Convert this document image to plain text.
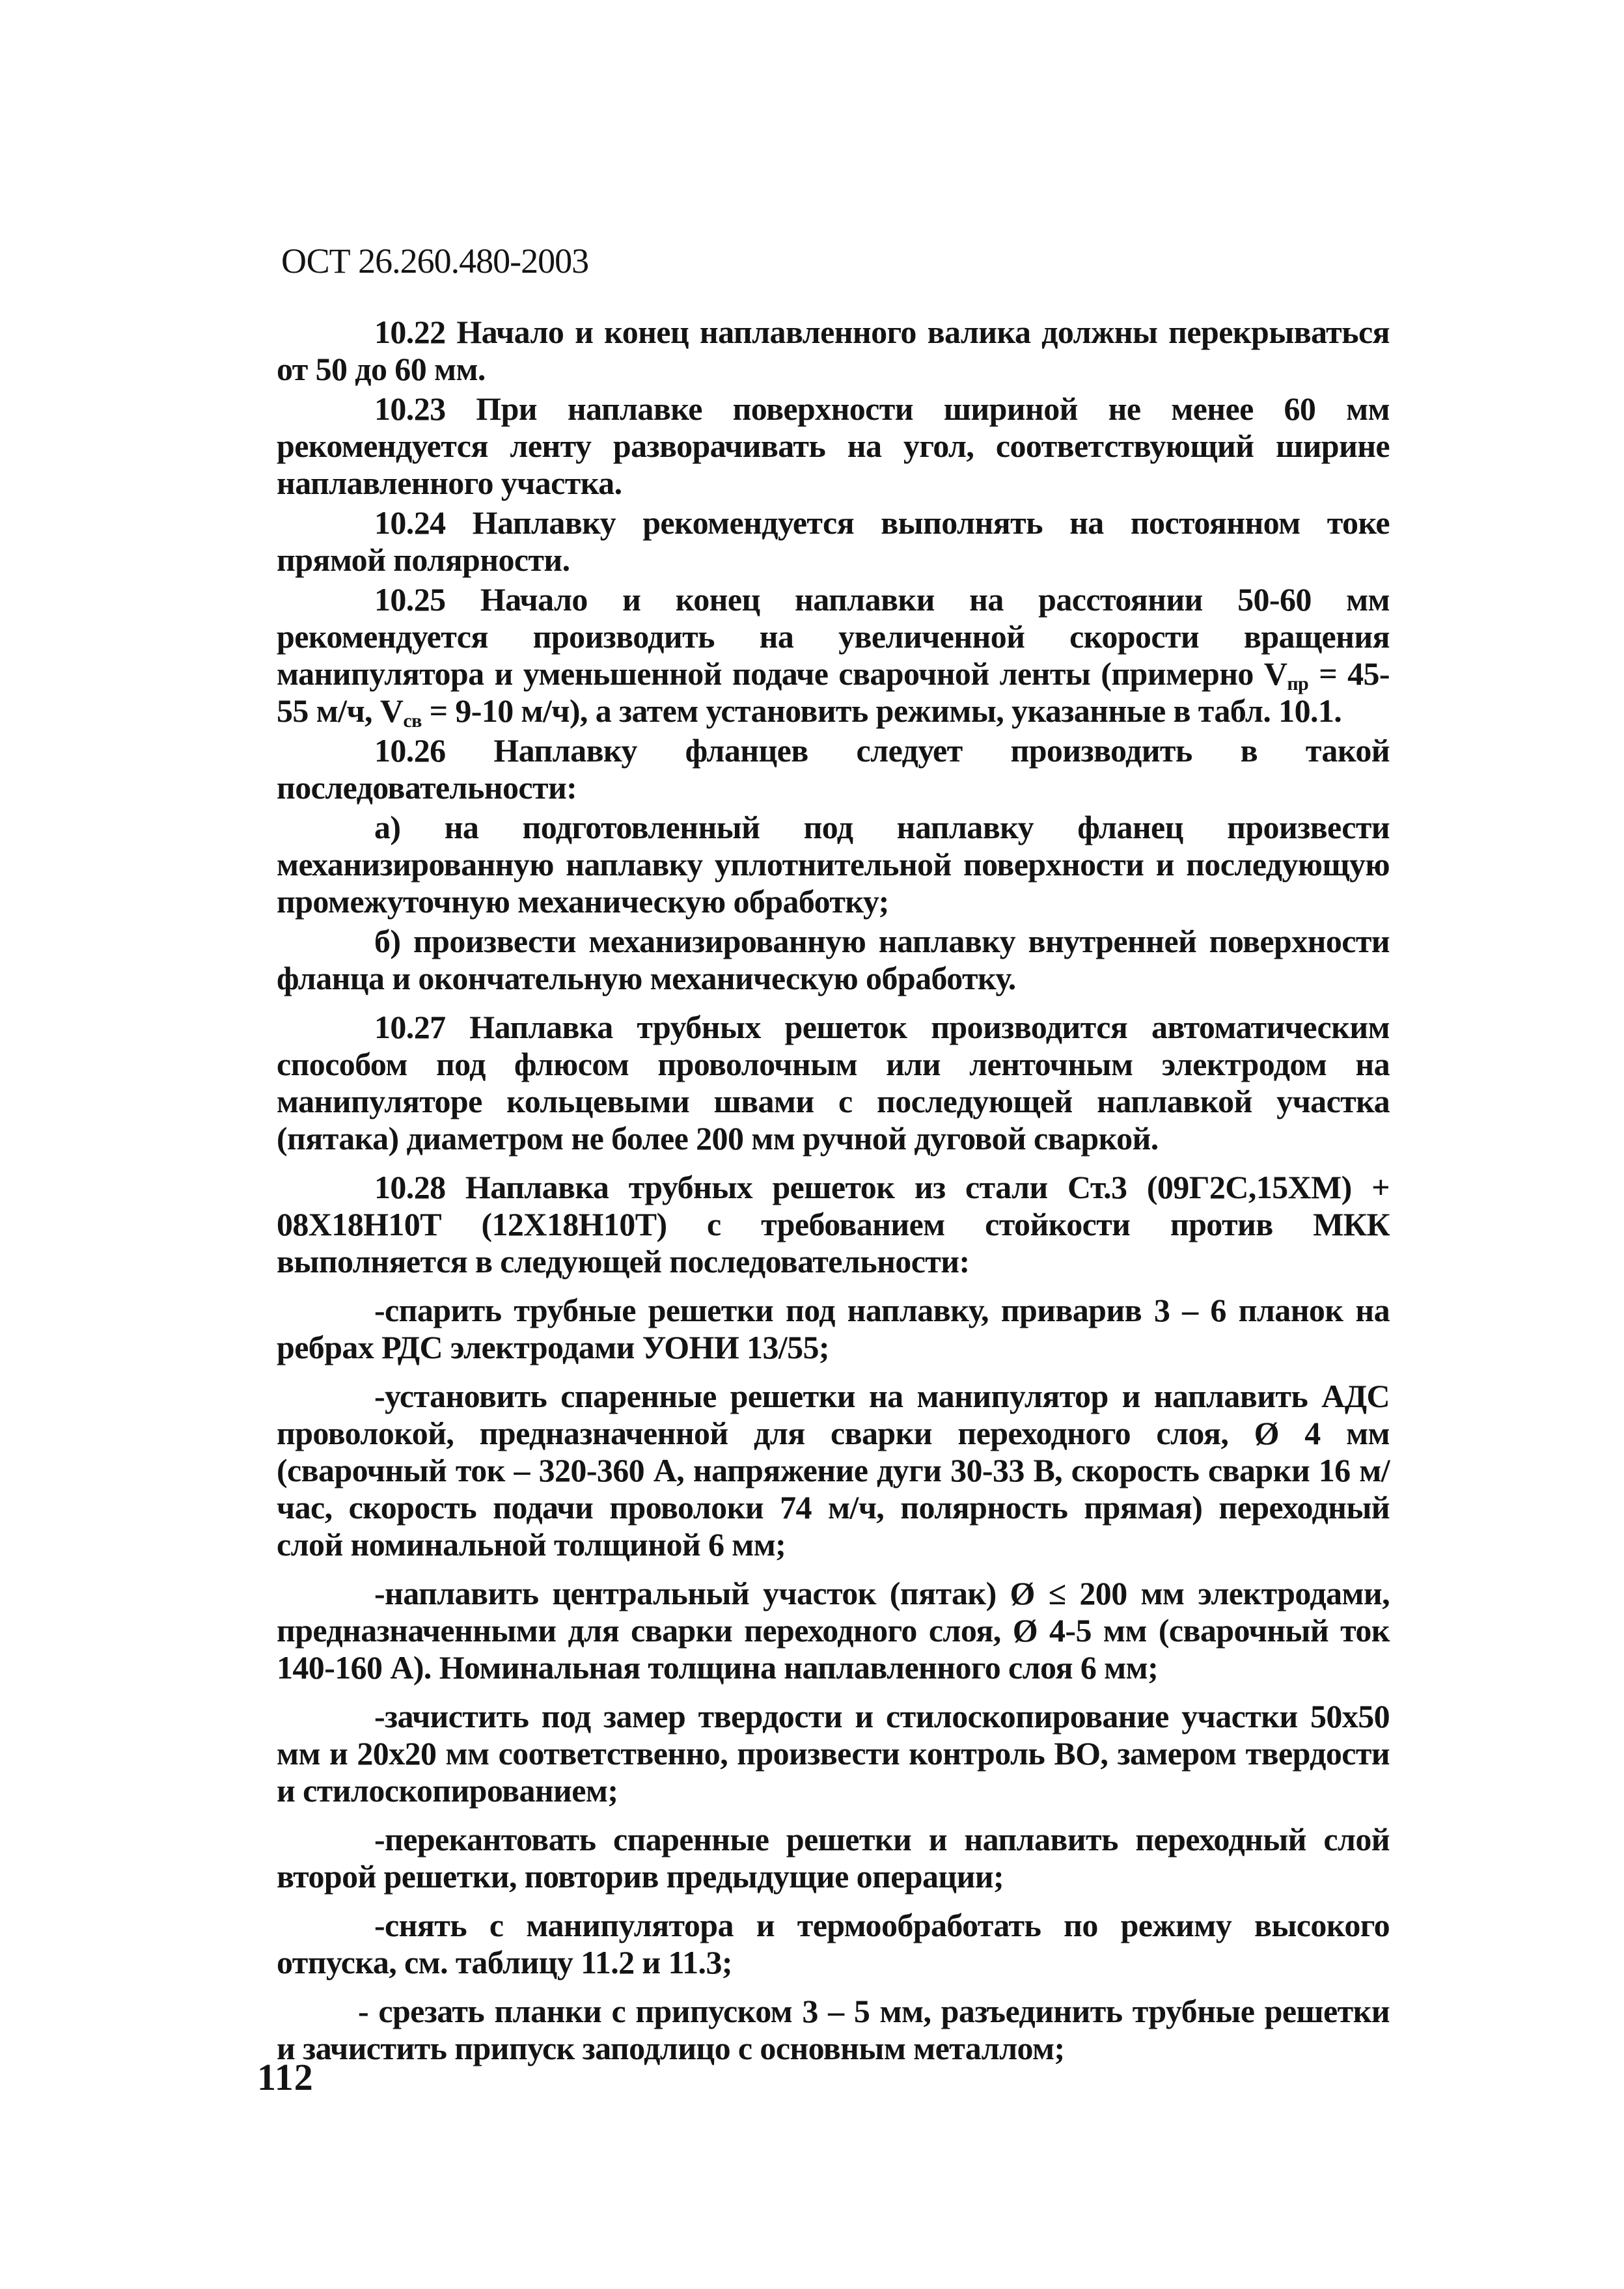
ОСТ 26.260.480-2003

10.22 Начало и конец наплавленного валика должны перекрываться от 50 до 60 мм.

10.23 При наплавке поверхности шириной не менее 60 мм рекомендуется ленту разворачивать на угол, соответствующий ширине наплавленного участка.

10.24 Наплавку рекомендуется выполнять на постоянном токе прямой полярности.

10.25 Начало и конец наплавки на расстоянии 50-60 мм рекомендуется производить на увеличенной скорости вращения манипулятора и уменьшенной подаче сварочной ленты (примерно $V_{пр} = 45-55$ м/ч, $V_{св} = 9-10$ м/ч), а затем установить режимы, указанные в табл. 10.1.

10.26 Наплавку фланцев следует производить в такой последовательности:

а) на подготовленный под наплавку фланец произвести механизированную наплавку уплотнительной поверхности и последующую промежуточную механическую обработку;

б) произвести механизированную наплавку внутренней поверхности фланца и окончательную механическую обработку.

10.27 Наплавка трубных решеток производится автоматическим способом под флюсом проволочным или ленточным электродом на манипуляторе кольцевыми швами с последующей наплавкой участка (пятака) диаметром не более 200 мм ручной дуговой сваркой.

10.28 Наплавка трубных решеток из стали Ст.3 (09Г2С,15ХМ) + 08Х18Н10Т (12Х18Н10Т) с требованием стойкости против МКК выполняется в следующей последовательности:

-спарить трубные решетки под наплавку, приварив 3 – 6 планок на ребрах РДС электродами УОНИ 13/55;

-установить спаренные решетки на манипулятор и наплавить АДС проволокой, предназначенной для сварки переходного слоя, Ø 4 мм (сварочный ток – 320-360 А, напряжение дуги 30-33 В, скорость сварки 16 м/час, скорость подачи проволоки 74 м/ч, полярность прямая) переходный слой номинальной толщиной 6 мм;

-наплавить центральный участок (пятак) Ø ≤ 200 мм электродами, предназначенными для сварки переходного слоя, Ø 4-5 мм (сварочный ток 140-160 А). Номинальная толщина наплавленного слоя 6 мм;

-зачистить под замер твердости и стилоскопирование участки 50х50 мм и 20х20 мм соответственно, произвести контроль ВО, замером твердости и стилоскопированием;

-перекантовать спаренные решетки и наплавить переходный слой второй решетки, повторив предыдущие операции;

-снять с манипулятора и термообработать по режиму высокого отпуска, см. таблицу 11.2 и 11.3;

- срезать планки с припуском 3 – 5 мм, разъединить трубные решетки и зачистить припуск заподлицо с основным металлом;

112
